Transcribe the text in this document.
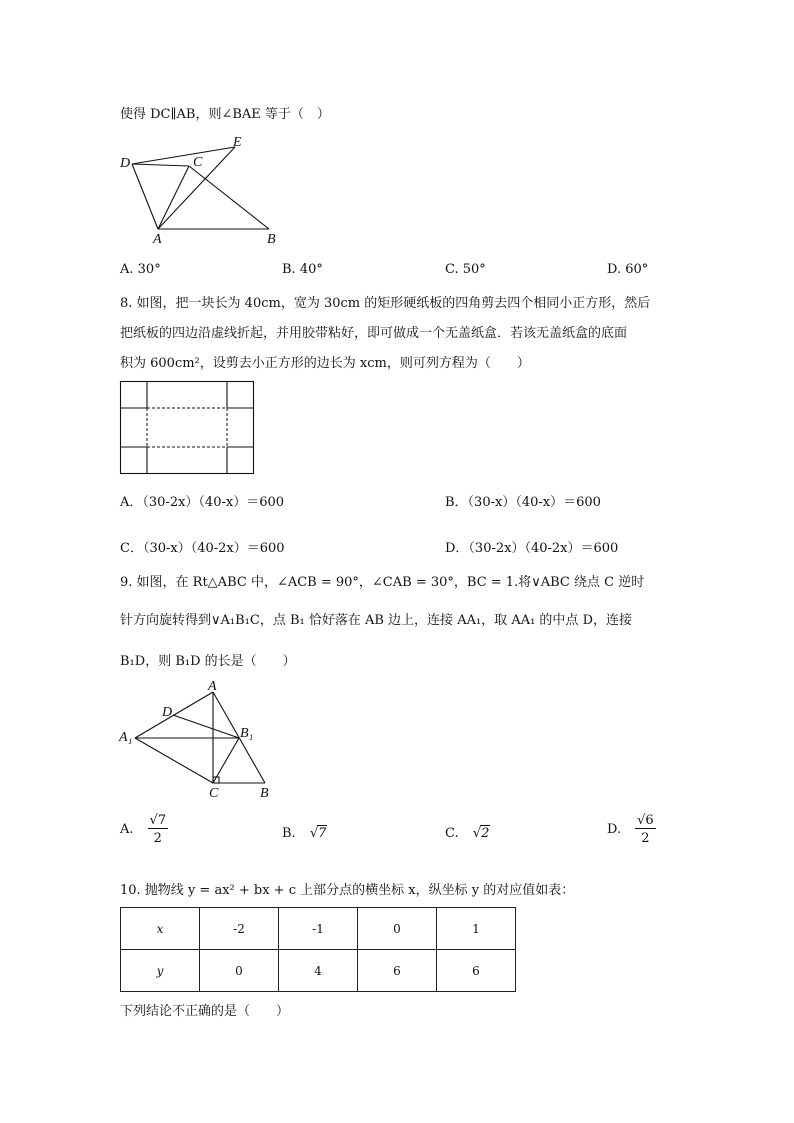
使得 DC∥AB，则∠BAE 等于（　）
D	C
E
A	B
A. 30°	B. 40°	C. 50°	D. 60°
8. 如图，把一块长为 40cm，宽为 30cm 的矩形硬纸板的四角剪去四个相同小正方形，然后
把纸板的四边沿虚线折起，并用胶带粘好，即可做成一个无盖纸盒．若该无盖纸盒的底面
积为 600cm²，设剪去小正方形的边长为 xcm，则可列方程为（　　）
A．（30-2x）（40-x）＝600	B．（30-x）（40-x）＝600
C．（30-x）（40-2x）＝600	D．（30-2x）（40-2x）＝600
9. 如图，在 Rt△ABC 中，∠ACB = 90°，∠CAB = 30°，BC = 1.将∨ABC 绕点 C 逆时
针方向旋转得到∨A₁B₁C，点 B₁ 恰好落在 AB 边上，连接 AA₁，取 AA₁ 的中点 D，连接
B₁D，则 B₁D 的长是（　　）
A
D
A₁	B₁
C	B
A. $\frac{√7}{2}$	B. √7	C. √2	D. $\frac{√6}{2}$
10. 抛物线 y = ax² + bx + c 上部分点的横坐标 x，纵坐标 y 的对应值如表：
x	-2	-1	0	1
y	0	4	6	6
下列结论不正确的是（　　）
